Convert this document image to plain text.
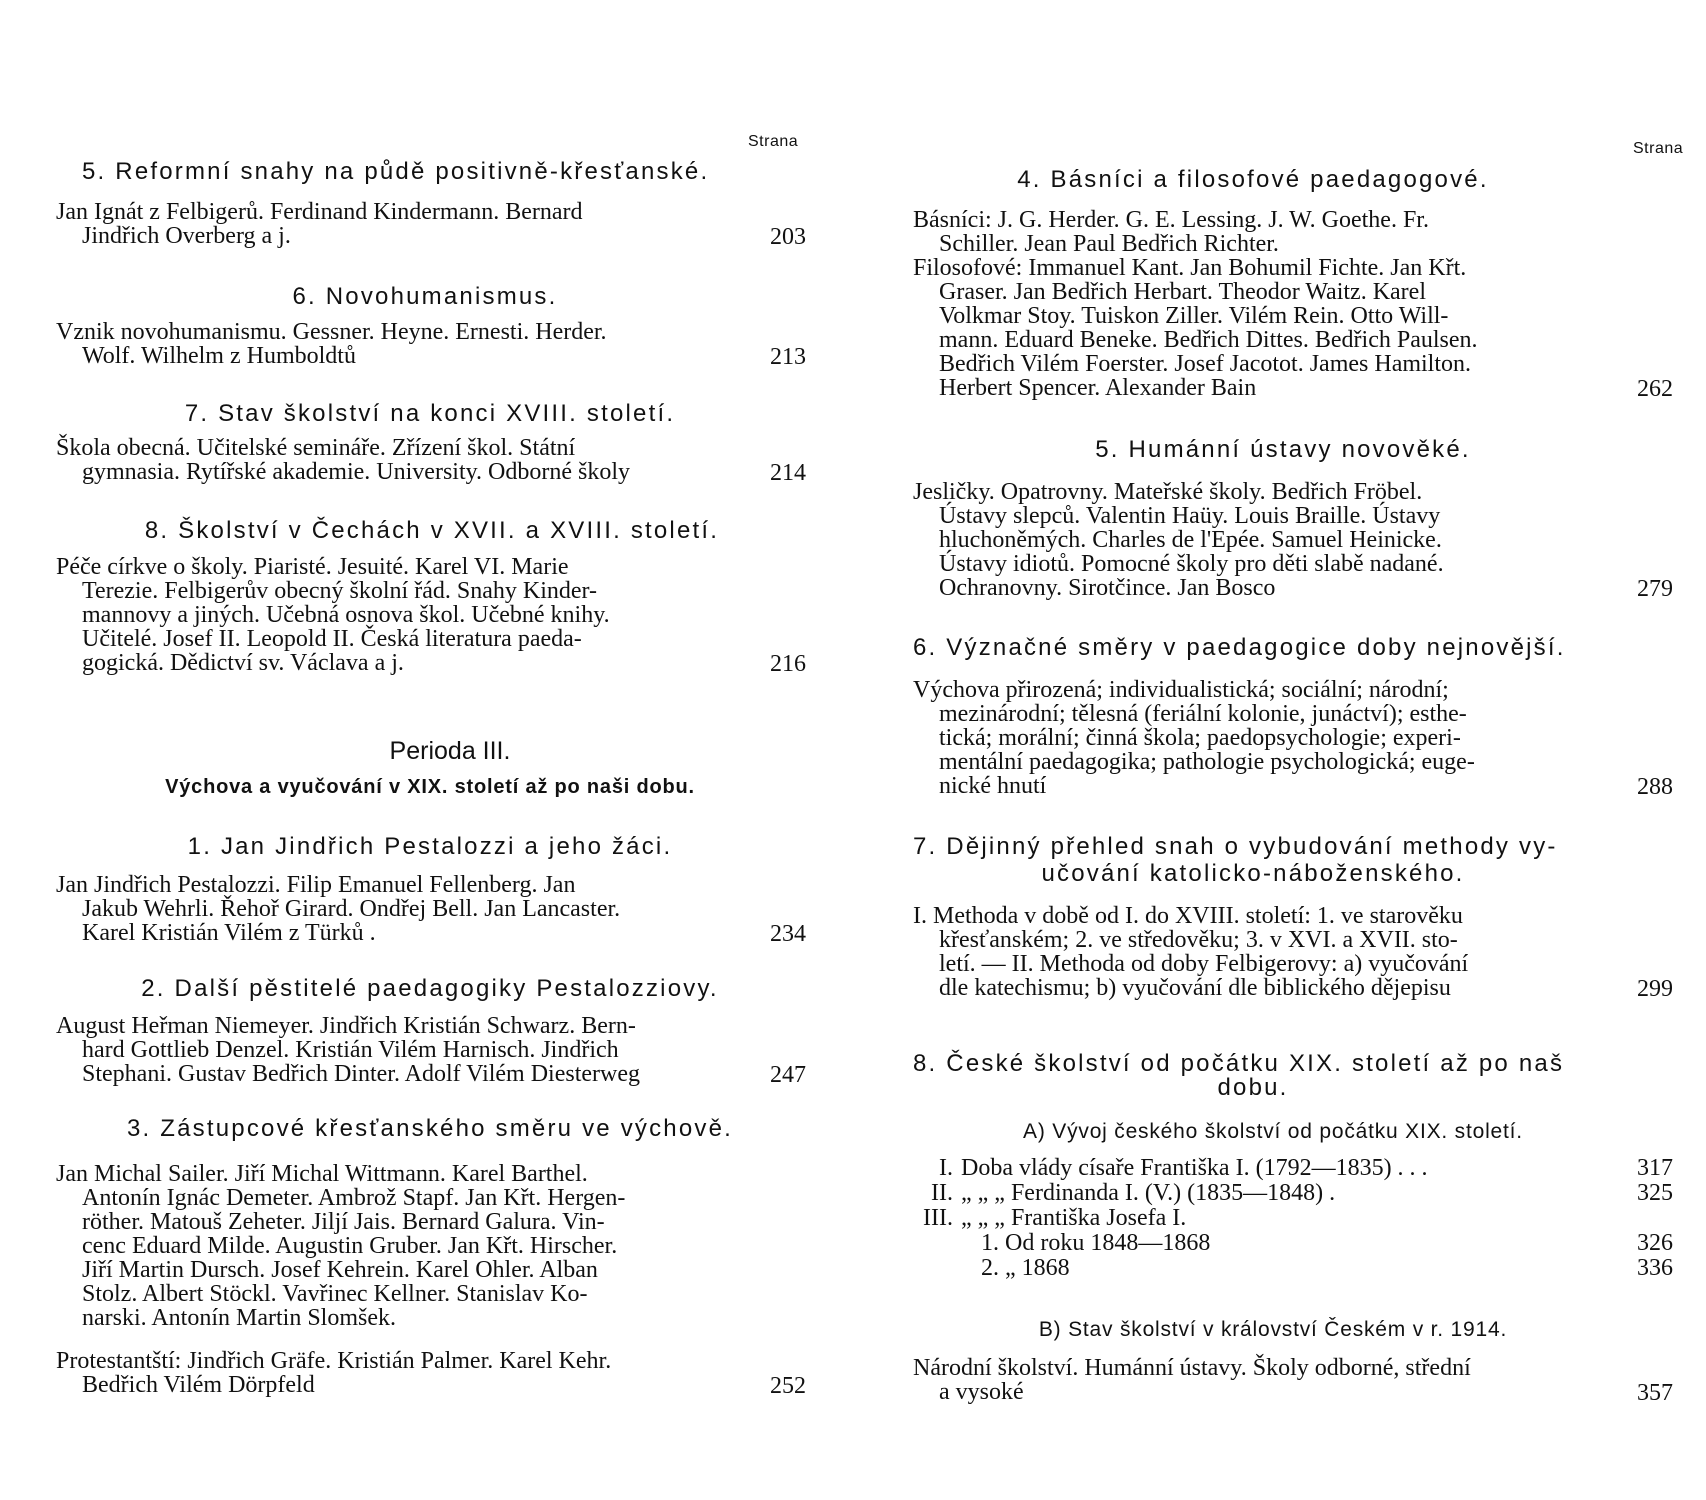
Strana
5. Reformní snahy na půdě positivně-křesťanské.
Jan Ignát z Felbigerů. Ferdinand Kindermann. Bernard
Jindřich Overberg a j.	203
6. Novohumanismus.
Vznik novohumanismu. Gessner. Heyne. Ernesti. Herder.
Wolf. Wilhelm z Humboldtů	213
7. Stav školství na konci XVIII. století.
Škola obecná. Učitelské semináře. Zřízení škol. Státní
gymnasia. Rytířské akademie. University. Odborné školy	214
8. Školství v Čechách v XVII. a XVIII. století.
Péče církve o školy. Piaristé. Jesuité. Karel VI. Marie
Terezie. Felbigerův obecný školní řád. Snahy Kinder-
mannovy a jiných. Učebná osnova škol. Učebné knihy.
Učitelé. Josef II. Leopold II. Česká literatura paeda-
gogická. Dědictví sv. Václava a j.	216
Perioda III.
Výchova a vyučování v XIX. století až po naši dobu.
1. Jan Jindřich Pestalozzi a jeho žáci.
Jan Jindřich Pestalozzi. Filip Emanuel Fellenberg. Jan
Jakub Wehrli. Řehoř Girard. Ondřej Bell. Jan Lancaster.
Karel Kristián Vilém z Türků .	234
2. Další pěstitelé paedagogiky Pestalozziovy.
August Heřman Niemeyer. Jindřich Kristián Schwarz. Bern-
hard Gottlieb Denzel. Kristián Vilém Harnisch. Jindřich
Stephani. Gustav Bedřich Dinter. Adolf Vilém Diesterweg	247
3. Zástupcové křesťanského směru ve výchově.
Jan Michal Sailer. Jiří Michal Wittmann. Karel Barthel.
Antonín Ignác Demeter. Ambrož Stapf. Jan Křt. Hergen-
röther. Matouš Zeheter. Jiljí Jais. Bernard Galura. Vin-
cenc Eduard Milde. Augustin Gruber. Jan Křt. Hirscher.
Jiří Martin Dursch. Josef Kehrein. Karel Ohler. Alban
Stolz. Albert Stöckl. Vavřinec Kellner. Stanislav Ko-
narski. Antonín Martin Slomšek.
Protestantští: Jindřich Gräfe. Kristián Palmer. Karel Kehr.
Bedřich Vilém Dörpfeld	252
Strana
4. Básníci a filosofové paedagogové.
Básníci: J. G. Herder. G. E. Lessing. J. W. Goethe. Fr.
Schiller. Jean Paul Bedřich Richter.
Filosofové: Immanuel Kant. Jan Bohumil Fichte. Jan Křt.
Graser. Jan Bedřich Herbart. Theodor Waitz. Karel
Volkmar Stoy. Tuiskon Ziller. Vilém Rein. Otto Will-
mann. Eduard Beneke. Bedřich Dittes. Bedřich Paulsen.
Bedřich Vilém Foerster. Josef Jacotot. James Hamilton.
Herbert Spencer. Alexander Bain	262
5. Humánní ústavy novověké.
Jesličky. Opatrovny. Mateřské školy. Bedřich Fröbel.
Ústavy slepců. Valentin Haüy. Louis Braille. Ústavy
hluchoněmých. Charles de l'Epée. Samuel Heinicke.
Ústavy idiotů. Pomocné školy pro děti slabě nadané.
Ochranovny. Sirotčince. Jan Bosco	279
6. Význačné směry v paedagogice doby nejnovější.
Výchova přirozená; individualistická; sociální; národní;
mezinárodní; tělesná (feriální kolonie, junáctví); esthe-
tická; morální; činná škola; paedopsychologie; experi-
mentální paedagogika; pathologie psychologická; euge-
nické hnutí	288
7. Dějinný přehled snah o vybudování methody vy-
učování katolicko-náboženského.
I. Methoda v době od I. do XVIII. století: 1. ve starověku
křesťanském; 2. ve středověku; 3. v XVI. a XVII. sto-
letí. — II. Methoda od doby Felbigerovy: a) vyučování
dle katechismu; b) vyučování dle biblického dějepisu	299
8. České školství od počátku XIX. století až po naš
dobu.
A) Vývoj českého školství od počátku XIX. století.
I. Doba vlády císaře Františka I. (1792—1835) . . .	317
II. „ „ „ Ferdinanda I. (V.) (1835—1848) .	325
III. „ „ „ Františka Josefa I.
1. Od roku 1848—1868	326
2. „ 1868	336
B) Stav školství v království Českém v r. 1914.
Národní školství. Humánní ústavy. Školy odborné, střední
a vysoké	357
